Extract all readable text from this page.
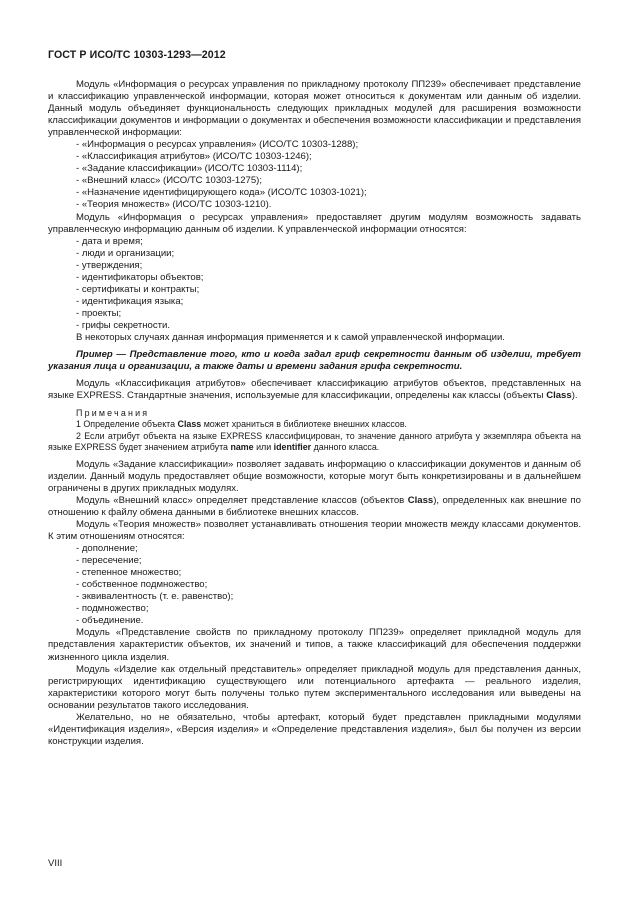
ГОСТ Р ИСО/ТС 10303-1293—2012

Модуль «Информация о ресурсах управления по прикладному протоколу ПП239» обеспечивает представление и классификацию управленческой информации, которая может относиться к документам или данным об изделии. Данный модуль объединяет функциональность следующих прикладных модулей для расширения возможности классификации документов и информации о документах и обеспечения возможности классификации и представления управленческой информации:

- «Информация о ресурсах управления» (ИСО/ТС 10303-1288);

- «Классификация атрибутов» (ИСО/ТС 10303-1246);

- «Задание классификации» (ИСО/ТС 10303-1114);

- «Внешний класс» (ИСО/ТС 10303-1275);

- «Назначение идентифицирующего кода» (ИСО/ТС 10303-1021);

- «Теория множеств» (ИСО/ТС 10303-1210).

Модуль «Информация о ресурсах управления» предоставляет другим модулям возможность задавать управленческую информацию данным об изделии. К управленческой информации относятся:

- дата и время;

- люди и организации;

- утверждения;

- идентификаторы объектов;

- сертификаты и контракты;

- идентификация языка;

- проекты;

- грифы секретности.

В некоторых случаях данная информация применяется и к самой управленческой информации.

Пример — Представление того, кто и когда задал гриф секретности данным об изделии, требует указания лица и организации, а также даты и времени задания грифа секретности.

Модуль «Классификация атрибутов» обеспечивает классификацию атрибутов объектов, представленных на языке EXPRESS. Стандартные значения, используемые для классификации, определены как классы (объекты Class).

Примечания

1 Определение объекта Class может храниться в библиотеке внешних классов.

2 Если атрибут объекта на языке EXPRESS классифицирован, то значение данного атрибута у экземпляра объекта на языке EXPRESS будет значением атрибута name или identifier данного класса.

Модуль «Задание классификации» позволяет задавать информацию о классификации документов и данным об изделии. Данный модуль предоставляет общие возможности, которые могут быть конкретизированы и в дальнейшем ограничены в других прикладных модулях.

Модуль «Внешний класс» определяет представление классов (объектов Class), определенных как внешние по отношению к файлу обмена данными в библиотеке внешних классов.

Модуль «Теория множеств» позволяет устанавливать отношения теории множеств между классами документов. К этим отношениям относятся:

- дополнение;

- пересечение;

- степенное множество;

- собственное подмножество;

- эквивалентность (т. е. равенство);

- подмножество;

- объединение.

Модуль «Представление свойств по прикладному протоколу ПП239» определяет прикладной модуль для представления характеристик объектов, их значений и типов, а также классификаций для обеспечения поддержки жизненного цикла изделия.

Модуль «Изделие как отдельный представитель» определяет прикладной модуль для представления данных, регистрирующих идентификацию существующего или потенциального артефакта — реального изделия, характеристики которого могут быть получены только путем экспериментального исследования или выведены на основании результатов такого исследования.

Желательно, но не обязательно, чтобы артефакт, который будет представлен прикладными модулями «Идентификация изделия», «Версия изделия» и «Определение представления изделия», был бы получен из версии конструкции изделия.

VIII
